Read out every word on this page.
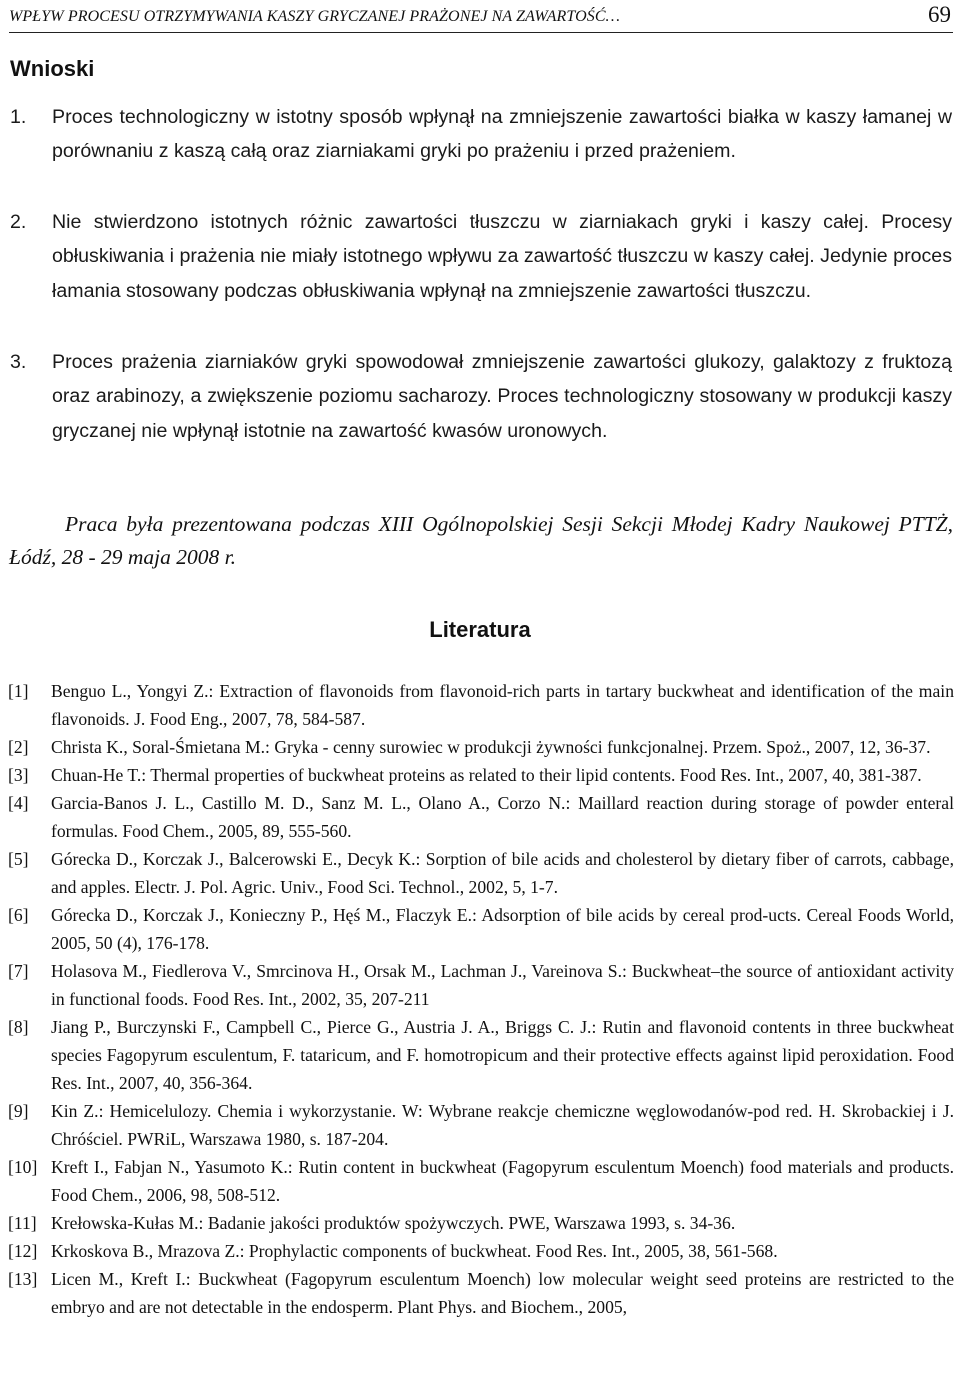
WPŁYW PROCESU OTRZYMYWANIA KASZY GRYCZANEJ PRAŻONEJ NA ZAWARTOŚĆ…	69
Wnioski
1. Proces technologiczny w istotny sposób wpłynął na zmniejszenie zawartości białka w kaszy łamanej w porównaniu z kaszą całą oraz ziarniakami gryki po prażeniu i przed prażeniem.

2. Nie stwierdzono istotnych różnic zawartości tłuszczu w ziarniakach gryki i kaszy całej. Procesy obłuskiwania i prażenia nie miały istotnego wpływu za zawartość tłuszczu w kaszy całej. Jedynie proces łamania stosowany podczas obłuskiwania wpłynął na zmniejszenie zawartości tłuszczu.

3. Proces prażenia ziarniaków gryki spowodował zmniejszenie zawartości glukozy, galaktozy z fruktozą oraz arabinozy, a zwiększenie poziomu sacharozy. Proces technologiczny stosowany w produkcji kaszy gryczanej nie wpłynął istotnie na zawartość kwasów uronowych.

Praca była prezentowana podczas XIII Ogólnopolskiej Sesji Sekcji Młodej Kadry Naukowej PTTŻ, Łódź, 28 - 29 maja 2008 r.
Literatura
[1] Benguo L., Yongyi Z.: Extraction of flavonoids from flavonoid-rich parts in tartary buckwheat and identification of the main flavonoids. J. Food Eng., 2007, 78, 584-587.

[2] Christa K., Soral-Śmietana M.: Gryka - cenny surowiec w produkcji żywności funkcjonalnej. Przem. Spoż., 2007, 12, 36-37.

[3] Chuan-He T.: Thermal properties of buckwheat proteins as related to their lipid contents. Food Res. Int., 2007, 40, 381-387.

[4] Garcia-Banos J. L., Castillo M. D., Sanz M. L., Olano A., Corzo N.: Maillard reaction during storage of powder enteral formulas. Food Chem., 2005, 89, 555-560.

[5] Górecka D., Korczak J., Balcerowski E., Decyk K.: Sorption of bile acids and cholesterol by dietary fiber of carrots, cabbage, and apples. Electr. J. Pol. Agric. Univ., Food Sci. Technol., 2002, 5, 1-7.

[6] Górecka D., Korczak J., Konieczny P., Hęś M., Flaczyk E.: Adsorption of bile acids by cereal prod-ucts. Cereal Foods World, 2005, 50 (4), 176-178.

[7] Holasova M., Fiedlerova V., Smrcinova H., Orsak M., Lachman J., Vareinova S.: Buckwheat–the source of antioxidant activity in functional foods. Food Res. Int., 2002, 35, 207-211

[8] Jiang P., Burczynski F., Campbell C., Pierce G., Austria J. A., Briggs C. J.: Rutin and flavonoid contents in three buckwheat species Fagopyrum esculentum, F. tataricum, and F. homotropicum and their protective effects against lipid peroxidation. Food Res. Int., 2007, 40, 356-364.

[9] Kin Z.: Hemicelulozy. Chemia i wykorzystanie. W: Wybrane reakcje chemiczne węglowodanów-pod red. H. Skrobackiej i J. Chróściel. PWRiL, Warszawa 1980, s. 187-204.

[10] Kreft I., Fabjan N., Yasumoto K.: Rutin content in buckwheat (Fagopyrum esculentum Moench) food materials and products. Food Chem., 2006, 98, 508-512.

[11] Krełowska-Kułas M.: Badanie jakości produktów spożywczych. PWE, Warszawa 1993, s. 34-36.

[12] Krkoskova B., Mrazova Z.: Prophylactic components of buckwheat. Food Res. Int., 2005, 38, 561-568.

[13] Licen M., Kreft I.: Buckwheat (Fagopyrum esculentum Moench) low molecular weight seed proteins are restricted to the embryo and are not detectable in the endosperm. Plant Phys. and Biochem., 2005,
